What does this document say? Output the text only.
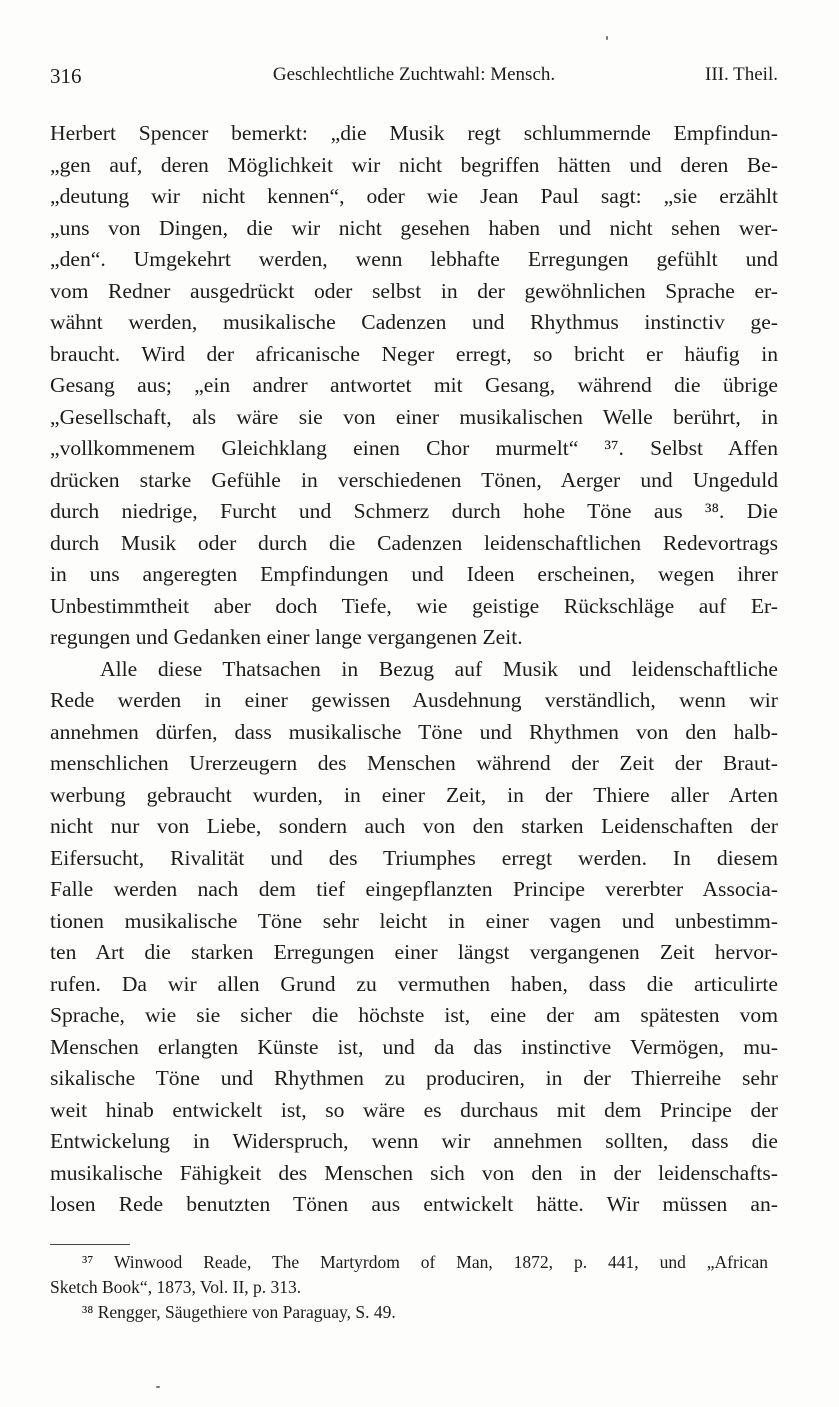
316	Geschlechtliche Zuchtwahl: Mensch.	III. Theil.
Herbert Spencer bemerkt: „die Musik regt schlummernde Empfindun-
„gen auf, deren Möglichkeit wir nicht begriffen hätten und deren Be-
„deutung wir nicht kennen“, oder wie Jean Paul sagt: „sie erzählt
„uns von Dingen, die wir nicht gesehen haben und nicht sehen wer-
„den“. Umgekehrt werden, wenn lebhafte Erregungen gefühlt und
vom Redner ausgedrückt oder selbst in der gewöhnlichen Sprache er-
wähnt werden, musikalische Cadenzen und Rhythmus instinctiv ge-
braucht. Wird der africanische Neger erregt, so bricht er häufig in
Gesang aus; „ein andrer antwortet mit Gesang, während die übrige
„Gesellschaft, als wäre sie von einer musikalischen Welle berührt, in
„vollkommenem Gleichklang einen Chor murmelt“ ³⁷. Selbst Affen
drücken starke Gefühle in verschiedenen Tönen, Aerger und Ungeduld
durch niedrige, Furcht und Schmerz durch hohe Töne aus ³⁸. Die
durch Musik oder durch die Cadenzen leidenschaftlichen Redevortrags
in uns angeregten Empfindungen und Ideen erscheinen, wegen ihrer
Unbestimmtheit aber doch Tiefe, wie geistige Rückschläge auf Er-
regungen und Gedanken einer lange vergangenen Zeit.
Alle diese Thatsachen in Bezug auf Musik und leidenschaftliche
Rede werden in einer gewissen Ausdehnung verständlich, wenn wir
annehmen dürfen, dass musikalische Töne und Rhythmen von den halb-
menschlichen Urerzeugern des Menschen während der Zeit der Braut-
werbung gebraucht wurden, in einer Zeit, in der Thiere aller Arten
nicht nur von Liebe, sondern auch von den starken Leidenschaften der
Eifersucht, Rivalität und des Triumphes erregt werden. In diesem
Falle werden nach dem tief eingepflanzten Principe vererbter Associa-
tionen musikalische Töne sehr leicht in einer vagen und unbestimm-
ten Art die starken Erregungen einer längst vergangenen Zeit hervor-
rufen. Da wir allen Grund zu vermuthen haben, dass die articulirte
Sprache, wie sie sicher die höchste ist, eine der am spätesten vom
Menschen erlangten Künste ist, und da das instinctive Vermögen, mu-
sikalische Töne und Rhythmen zu produciren, in der Thierreihe sehr
weit hinab entwickelt ist, so wäre es durchaus mit dem Principe der
Entwickelung in Widerspruch, wenn wir annehmen sollten, dass die
musikalische Fähigkeit des Menschen sich von den in der leidenschafts-
losen Rede benutzten Tönen aus entwickelt hätte. Wir müssen an-
³⁷ Winwood Reade, The Martyrdom of Man, 1872, p. 441, und „African
Sketch Book“, 1873, Vol. II, p. 313.
³⁸ Rengger, Säugethiere von Paraguay, S. 49.
